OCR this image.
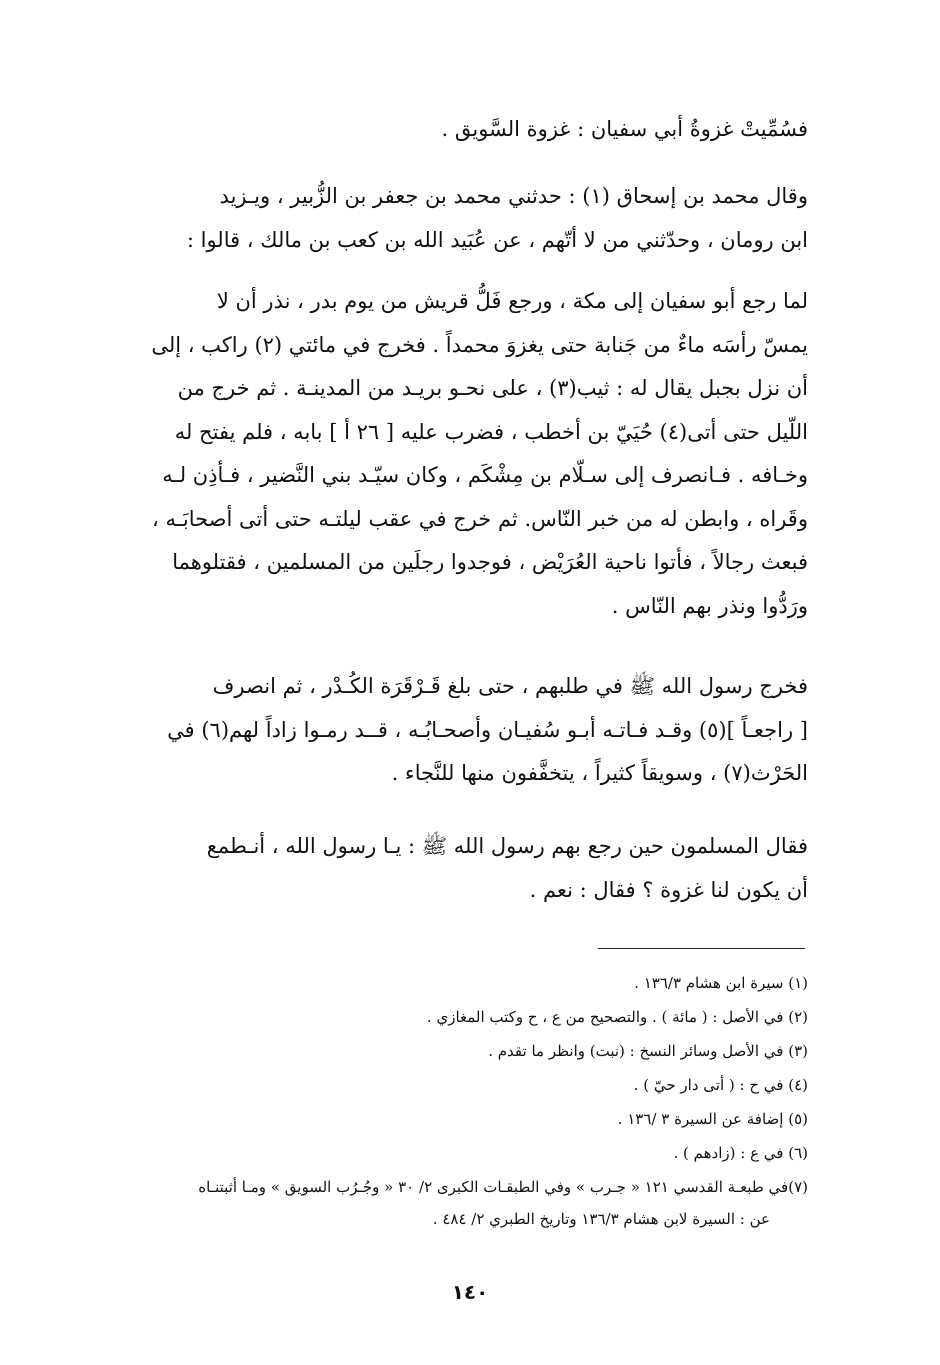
فسُمِّيتْ غزوةُ أبي سفيان : غزوة السَّويق .

وقال محمد بن إسحاق (١) : حدثني محمد بن جعفر بن الزُّبير ، ويـزيد

ابن رومان ، وحدّثني من لا أتّهم ، عن عُبَيد الله بن كعب بن مالك ، قالوا :

لما رجع أبو سفيان إلى مكة ، ورجع فَلُّ قريش من يوم بدر ، نذر أن لا

يمسّ رأسَه ماءٌ من جَنابة حتى يغزوَ محمداً . فخرج في مائتي (٢) راكب ، إلى

أن نزل بجبل يقال له : ثيب(٣) ، على نحـو بريـد من المدينـة . ثم خرج من

اللّيل حتى أتى(٤) حُيَيّ بن أخطب ، فضرب عليه [ ٢٦ أ ] بابه ، فلم يفتح له

وخـافه . فـانصرف إلى سـلّام بن مِشْكَم ، وكان سيّـد بني النَّضير ، فـأذِن لـه

وقَراه ، وابطن له من خبر النّاس. ثم خرج في عقب ليلتـه حتى أتى أصحابَـه ،

فبعث رجالاً ، فأتوا ناحية العُرَيْض ، فوجدوا رجلَين من المسلمين ، فقتلوهما

ورَدُّوا ونذر بهم النّاس .

فخرج رسول الله ﷺ في طلبهم ، حتى بلغ قَـرْقَرَة الكُـدْر ، ثم انصرف

[ راجعـاً ](٥) وقـد فـاتـه أبـو سُفيـان وأصحـابُـه ، قــد رمـوا زاداً لهم(٦) في

الحَرْث(٧) ، وسويقاً كثيراً ، يتخفَّفون منها للنَّجاء .

فقال المسلمون حين رجع بهم رسول الله ﷺ : يـا رسول الله ، أنـطمع

أن يكون لنا غزوة ؟ فقال : نعم .

(١) سيرة ابن هشام ١٣٦/٣ .

(٢) في الأصل : ( مائة ) . والتصحيح من ع ، ح وكتب المغازي .

(٣) في الأصل وسائر النسخ : (نبت) وانظر ما تقدم .

(٤) في ح : ( أتى دار حيّ ) .

(٥) إضافة عن السيرة ٣ /١٣٦ .

(٦) في ع : (زادهم ) .

(٧)في طبعـة القدسي ١٢١ « جـرب » وفي الطبقـات الكبرى ٢/ ٣٠ « وجُـرُب السويق » ومـا أثبتنـاه

عن : السيرة لابن هشام ١٣٦/٣ وتاريخ الطبري ٢/ ٤٨٤ .

١٤٠
